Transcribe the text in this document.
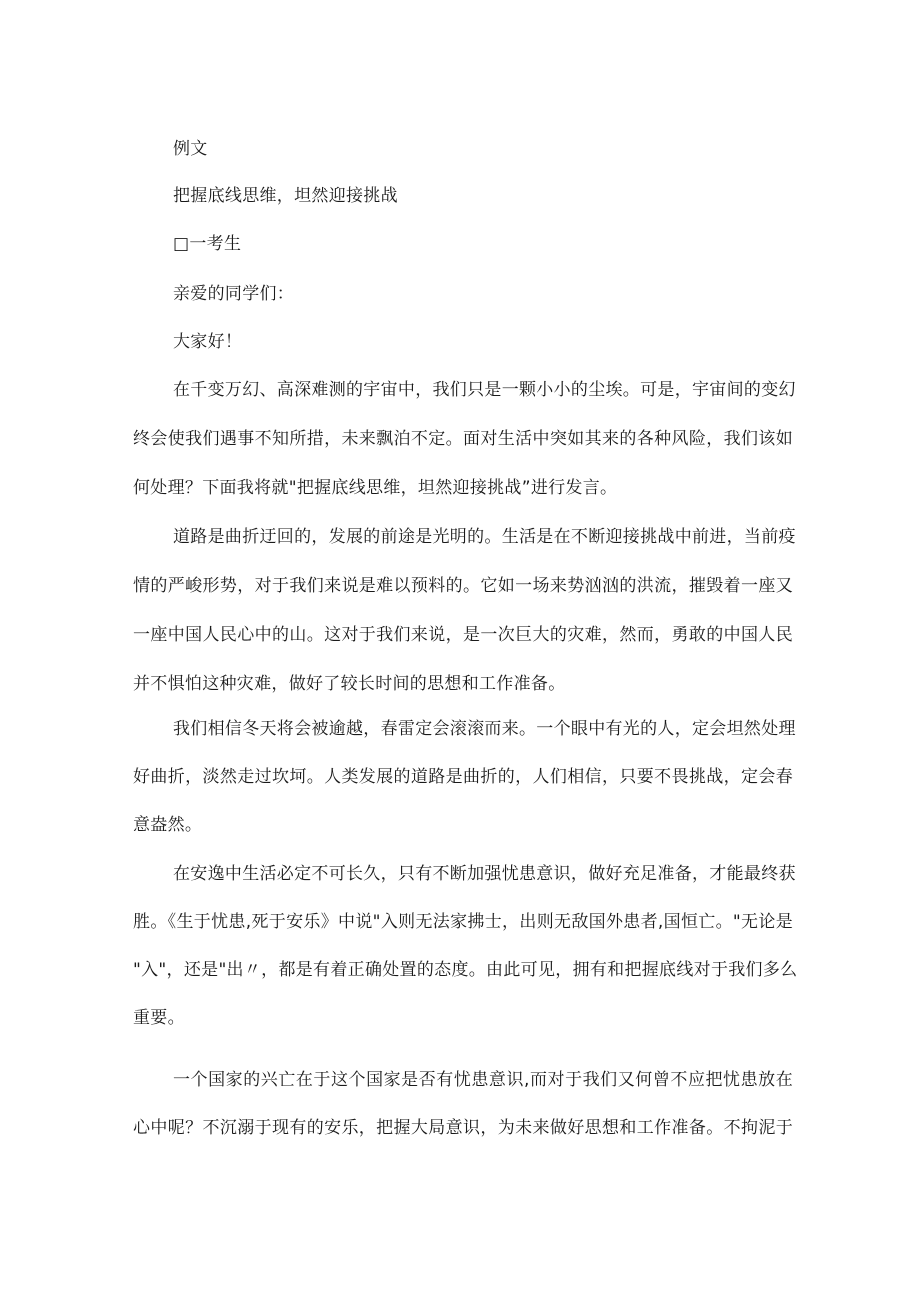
例文
把握底线思维，坦然迎接挑战
□一考生
亲爱的同学们：
大家好！
在千变万幻、高深难测的宇宙中，我们只是一颗小小的尘埃。可是，宇宙间的变幻
终会使我们遇事不知所措，未来飘泊不定。面对生活中突如其来的各种风险，我们该如
何处理？下面我将就"把握底线思维，坦然迎接挑战”进行发言。
道路是曲折迂回的，发展的前途是光明的。生活是在不断迎接挑战中前进，当前疫
情的严峻形势，对于我们来说是难以预料的。它如一场来势汹汹的洪流，摧毁着一座又
一座中国人民心中的山。这对于我们来说，是一次巨大的灾难，然而，勇敢的中国人民
并不惧怕这种灾难，做好了较长时间的思想和工作准备。
我们相信冬天将会被逾越，春雷定会滚滚而来。一个眼中有光的人，定会坦然处理
好曲折，淡然走过坎坷。人类发展的道路是曲折的，人们相信，只要不畏挑战，定会春
意盎然。
在安逸中生活必定不可长久，只有不断加强忧患意识，做好充足准备，才能最终获
胜。《生于忧患,死于安乐》中说"入则无法家拂士，出则无敌国外患者,国恒亡。"无论是
"入"，还是"出〃，都是有着正确处置的态度。由此可见，拥有和把握底线对于我们多么
重要。
一个国家的兴亡在于这个国家是否有忧患意识,而对于我们又何曾不应把忧患放在
心中呢？不沉溺于现有的安乐，把握大局意识，为未来做好思想和工作准备。不拘泥于
